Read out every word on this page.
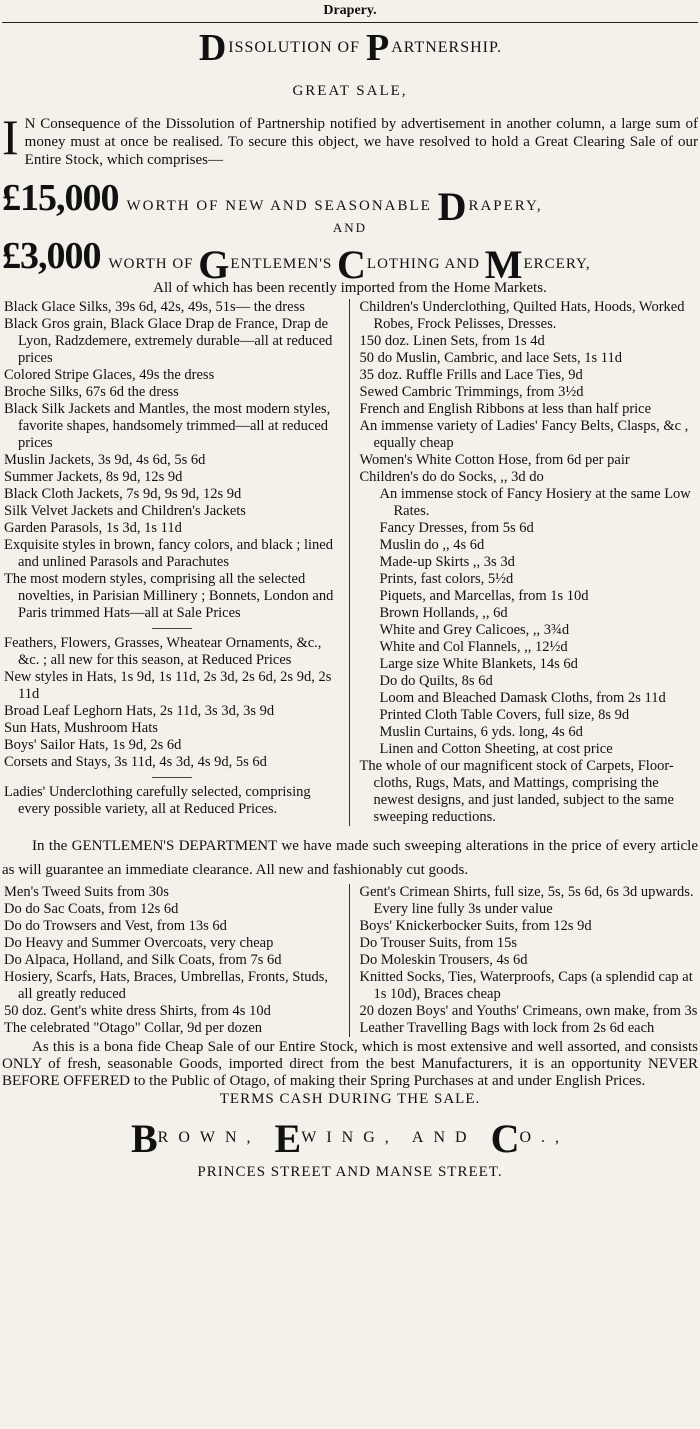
Drapery.
DISSOLUTION OF PARTNERSHIP.
GREAT SALE,
I N Consequence of the Dissolution of Partnership notified by advertisement in another column, a large sum of money must at once be realised. To secure this object, we have resolved to hold a Great Clearing Sale of our Entire Stock, which comprises—
£15,000 WORTH OF NEW AND SEASONABLE DRAPERY,
AND
£3,000 WORTH OF GENTLEMEN'S CLOTHING AND MERCERY,
All of which has been recently imported from the Home Markets.

Black Glace Silks, 39s 6d, 42s, 49s, 51s— the dress

Black Gros grain, Black Glace Drap de France, Drap de Lyon, Radzdemere, extremely durable—all at reduced prices

Colored Stripe Glaces, 49s the dress

Broche Silks, 67s 6d the dress

Black Silk Jackets and Mantles, the most modern styles, favorite shapes, handsomely trimmed—all at reduced prices

Muslin Jackets, 3s 9d, 4s 6d, 5s 6d

Summer Jackets, 8s 9d, 12s 9d

Black Cloth Jackets, 7s 9d, 9s 9d, 12s 9d

Silk Velvet Jackets and Children's Jackets

Garden Parasols, 1s 3d, 1s 11d

Exquisite styles in brown, fancy colors, and black ; lined and unlined Parasols and Parachutes

The most modern styles, comprising all the selected novelties, in Parisian Millinery ; Bonnets, London and Paris trimmed Hats—all at Sale Prices

Feathers, Flowers, Grasses, Wheatear Ornaments, &c., &c. ; all new for this season, at Reduced Prices

New styles in Hats, 1s 9d, 1s 11d, 2s 3d, 2s 6d, 2s 9d, 2s 11d

Broad Leaf Leghorn Hats, 2s 11d, 3s 3d, 3s 9d

Sun Hats, Mushroom Hats

Boys' Sailor Hats, 1s 9d, 2s 6d

Corsets and Stays, 3s 11d, 4s 3d, 4s 9d, 5s 6d

Ladies' Underclothing carefully selected, comprising every possible variety, all at Reduced Prices.

Children's Underclothing, Quilted Hats, Hoods, Worked Robes, Frock Pelisses, Dresses.

150 doz. Linen Sets, from 1s 4d

50 do Muslin, Cambric, and lace Sets, 1s 11d

35 doz. Ruffle Frills and Lace Ties, 9d

Sewed Cambric Trimmings, from 3½d

French and English Ribbons at less than half price

An immense variety of Ladies' Fancy Belts, Clasps, &c , equally cheap

Women's White Cotton Hose, from 6d per pair

Children's do do Socks, ,, 3d do

An immense stock of Fancy Hosiery at the same Low Rates.

Fancy Dresses, from 5s 6d

Muslin do ,, 4s 6d

Made-up Skirts ,, 3s 3d

Prints, fast colors, 5½d

Piquets, and Marcellas, from 1s 10d

Brown Hollands, ,, 6d

White and Grey Calicoes, ,, 3¾d

White and Col Flannels, ,, 12½d

Large size White Blankets, 14s 6d

Do do Quilts, 8s 6d

Loom and Bleached Damask Cloths, from 2s 11d

Printed Cloth Table Covers, full size, 8s 9d

Muslin Curtains, 6 yds. long, 4s 6d

Linen and Cotton Sheeting, at cost price

The whole of our magnificent stock of Carpets, Floor-cloths, Rugs, Mats, and Mattings, comprising the newest designs, and just landed, subject to the same sweeping reductions.

In the GENTLEMEN'S DEPARTMENT we have made such sweeping alterations in the price of every article as will guarantee an immediate clearance. All new and fashionably cut goods.

Men's Tweed Suits from 30s

Do do Sac Coats, from 12s 6d

Do do Trowsers and Vest, from 13s 6d

Do Heavy and Summer Overcoats, very cheap

Do Alpaca, Holland, and Silk Coats, from 7s 6d

Hosiery, Scarfs, Hats, Braces, Umbrellas, Fronts, Studs, all greatly reduced

50 doz. Gent's white dress Shirts, from 4s 10d

The celebrated "Otago" Collar, 9d per dozen

Gent's Crimean Shirts, full size, 5s, 5s 6d, 6s 3d upwards. Every line fully 3s under value

Boys' Knickerbocker Suits, from 12s 9d

Do Trouser Suits, from 15s

Do Moleskin Trousers, 4s 6d

Knitted Socks, Ties, Waterproofs, Caps (a splendid cap at 1s 10d), Braces cheap

20 dozen Boys' and Youths' Crimeans, own make, from 3s

Leather Travelling Bags with lock from 2s 6d each

As this is a bona fide Cheap Sale of our Entire Stock, which is most extensive and well assorted, and consists ONLY of fresh, seasonable Goods, imported direct from the best Manufacturers, it is an opportunity NEVER BEFORE OFFERED to the Public of Otago, of making their Spring Purchases at and under English Prices.
TERMS CASH DURING THE SALE.
BROWN, EWING, AND CO.,
PRINCES STREET AND MANSE STREET.
